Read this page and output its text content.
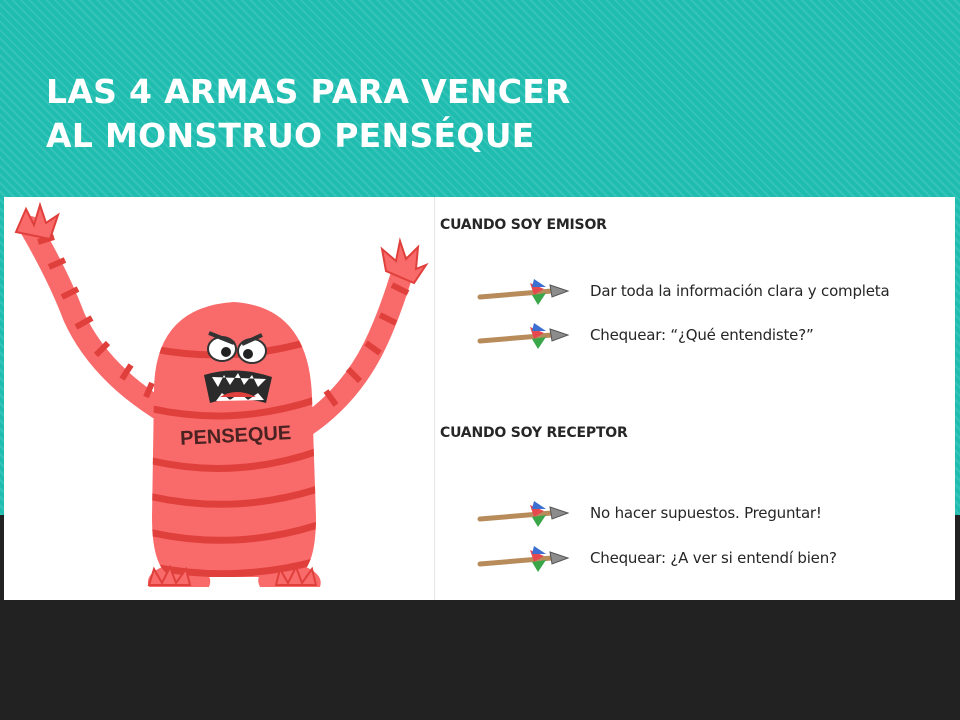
LAS 4 ARMAS PARA VENCER
AL MONSTRUO PENSÉQUE
PENSEQUE
CUANDO SOY EMISOR
Dar toda la información clara y completa
Chequear: “¿Qué entendiste?”
CUANDO SOY RECEPTOR
No hacer supuestos. Preguntar!
Chequear: ¿A ver si entendí bien?
